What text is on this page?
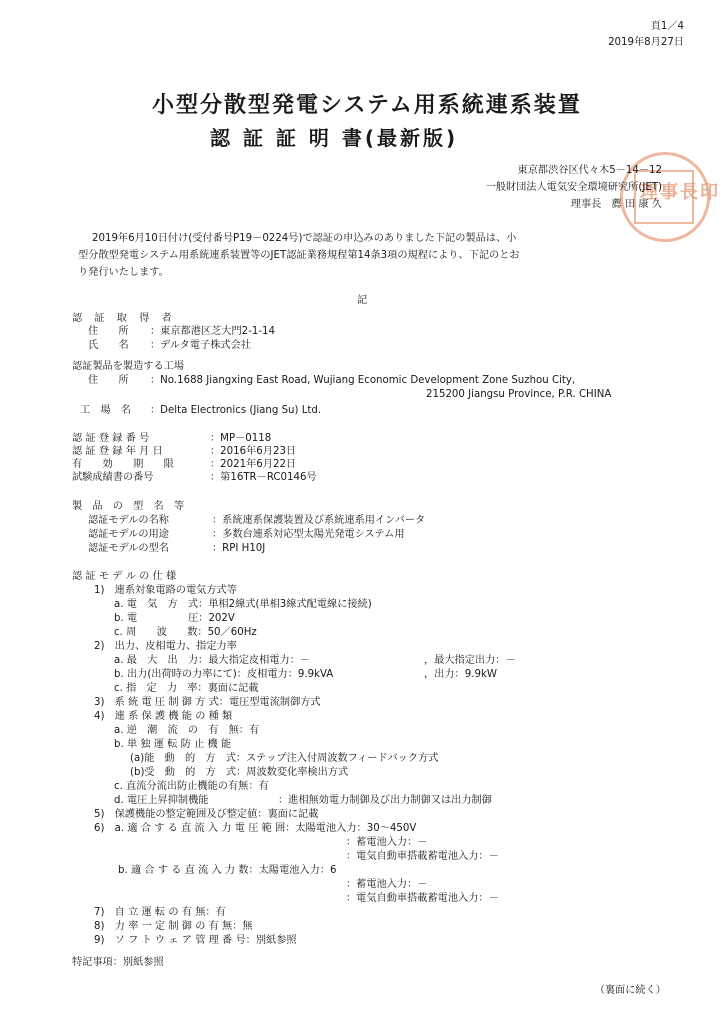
頁1／4
2019年8月27日
小型分散型発電システム用系統連系装置
認 証 証 明 書(最新版)
理事長印
東京都渋谷区代々木5－14－12
一般財団法人電気安全環境研究所(JET)
理事長　薦 田 康 久
2019年6月10日付け(受付番号P19－0224号)で認証の申込みのありました下記の製品は、小
型分散型発電システム用系統連系装置等のJET認証業務規程第14条3項の規程により、下記のとお
り発行いたします。
記
認　証　取　得　者
住　　所 ：東京都港区芝大門2-1-14
氏　　名 ：デルタ電子株式会社
認証製品を製造する工場
住　　所 ：No.1688 Jiangxing East Road, Wujiang Economic Development Zone Suzhou City,
215200 Jiangsu Province, P.R. CHINA
工　場　名 ：Delta Electronics (Jiang Su) Ltd.
認 証 登 録 番 号	：MP－0118
認 証 登 録 年 月 日	：2016年6月23日
有　　効　　期　　限	：2021年6月22日
試験成績書の番号	：第16TR－RC0146号
製　品　の　型　名　等
認証モデルの名称	：系統連系保護装置及び系統連系用インバータ
認証モデルの用途	：多数台連系対応型太陽光発電システム用
認証モデルの型名	：RPI H10J
認 証 モ デ ル の 仕 様
1)　連系対象電路の電気方式等
a. 電　気　方　式：単相2線式(単相3線式配電線に接続)
b. 電　　　　　圧：202V
c. 周　　波　　数：50／60Hz
2)　出力、皮相電力、指定力率
a. 最　大　出　力：最大指定皮相電力：－	，最大指定出力：－
b. 出力(出荷時の力率にて)：皮相電力：9.9kVA	，出力：9.9kW
c. 指　定　力　率：裏面に記載
3)　系 統 電 圧 制 御 方 式：電圧型電流制御方式
4)　連 系 保 護 機 能 の 種 類
a. 逆　潮　流　の　有　無：有
b. 単 独 運 転 防 止 機 能
(a)能　動　的　方　式：ステップ注入付周波数フィードバック方式
(b)受　動　的　方　式：周波数変化率検出方式
c. 直流分流出防止機能の有無：有
d. 電圧上昇抑制機能	：進相無効電力制御及び出力制御又は出力制御
5)　保護機能の整定範囲及び整定値：裏面に記載
6)　a. 適 合 す る 直 流 入 力 電 圧 範 囲：太陽電池入力：30～450V
：蓄電池入力：－
：電気自動車搭載蓄電池入力：－
b. 適 合 す る 直 流 入 力 数：太陽電池入力：6
：蓄電池入力：－
：電気自動車搭載蓄電池入力：－
7)　自 立 運 転 の 有 無：有
8)　力 率 一 定 制 御 の 有 無：無
9)　ソ フ ト ウ ェ ア 管 理 番 号：別紙参照
特記事項：別紙参照
（裏面に続く）
